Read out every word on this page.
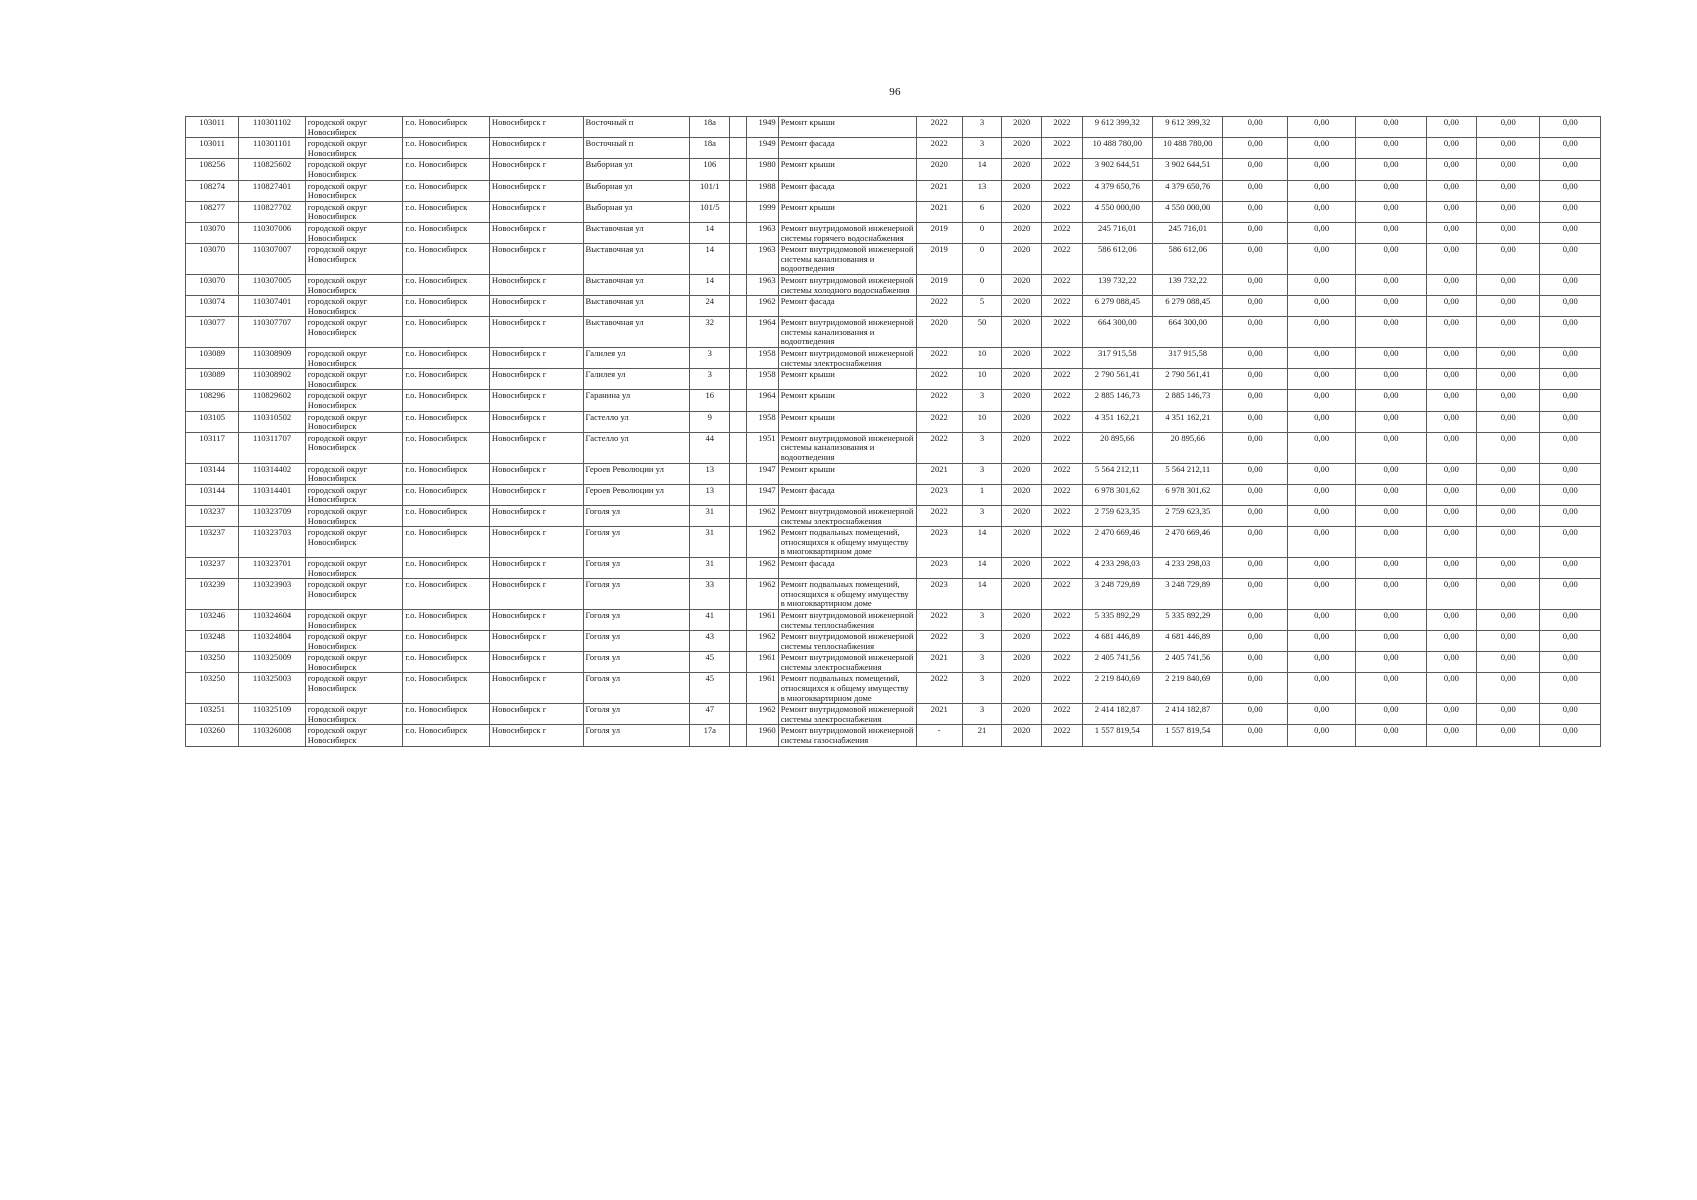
96
103011	110301102	городской округ Новосибирск	г.о. Новосибирск	Новосибирск г	Восточный п	18а		1949	Ремонт крыши	2022	3	2020	2022	9 612 399,32	9 612 399,32	0,00	0,00	0,00	0,00	0,00	0,00
103011	110301101	городской округ Новосибирск	г.о. Новосибирск	Новосибирск г	Восточный п	18а		1949	Ремонт фасада	2022	3	2020	2022	10 488 780,00	10 488 780,00	0,00	0,00	0,00	0,00	0,00	0,00
108256	110825602	городской округ Новосибирск	г.о. Новосибирск	Новосибирск г	Выборная ул	106		1980	Ремонт крыши	2020	14	2020	2022	3 902 644,51	3 902 644,51	0,00	0,00	0,00	0,00	0,00	0,00
108274	110827401	городской округ Новосибирск	г.о. Новосибирск	Новосибирск г	Выборная ул	101/1		1988	Ремонт фасада	2021	13	2020	2022	4 379 650,76	4 379 650,76	0,00	0,00	0,00	0,00	0,00	0,00
108277	110827702	городской округ Новосибирск	г.о. Новосибирск	Новосибирск г	Выборная ул	101/5		1999	Ремонт крыши	2021	6	2020	2022	4 550 000,00	4 550 000,00	0,00	0,00	0,00	0,00	0,00	0,00
103070	110307006	городской округ Новосибирск	г.о. Новосибирск	Новосибирск г	Выставочная ул	14		1963	Ремонт внутридомовой инженерной системы горячего водоснабжения	2019	0	2020	2022	245 716,01	245 716,01	0,00	0,00	0,00	0,00	0,00	0,00
103070	110307007	городской округ Новосибирск	г.о. Новосибирск	Новосибирск г	Выставочная ул	14		1963	Ремонт внутридомовой инженерной системы канализования и водоотведения	2019	0	2020	2022	586 612,06	586 612,06	0,00	0,00	0,00	0,00	0,00	0,00
103070	110307005	городской округ Новосибирск	г.о. Новосибирск	Новосибирск г	Выставочная ул	14		1963	Ремонт внутридомовой инженерной системы холодного водоснабжения	2019	0	2020	2022	139 732,22	139 732,22	0,00	0,00	0,00	0,00	0,00	0,00
103074	110307401	городской округ Новосибирск	г.о. Новосибирск	Новосибирск г	Выставочная ул	24		1962	Ремонт фасада	2022	5	2020	2022	6 279 088,45	6 279 088,45	0,00	0,00	0,00	0,00	0,00	0,00
103077	110307707	городской округ Новосибирск	г.о. Новосибирск	Новосибирск г	Выставочная ул	32		1964	Ремонт внутридомовой инженерной системы канализования и водоотведения	2020	50	2020	2022	664 300,00	664 300,00	0,00	0,00	0,00	0,00	0,00	0,00
103089	110308909	городской округ Новосибирск	г.о. Новосибирск	Новосибирск г	Галилея ул	3		1958	Ремонт внутридомовой инженерной системы электроснабжения	2022	10	2020	2022	317 915,58	317 915,58	0,00	0,00	0,00	0,00	0,00	0,00
103089	110308902	городской округ Новосибирск	г.о. Новосибирск	Новосибирск г	Галилея ул	3		1958	Ремонт крыши	2022	10	2020	2022	2 790 561,41	2 790 561,41	0,00	0,00	0,00	0,00	0,00	0,00
108296	110829602	городской округ Новосибирск	г.о. Новосибирск	Новосибирск г	Гаранина ул	16		1964	Ремонт крыши	2022	3	2020	2022	2 885 146,73	2 885 146,73	0,00	0,00	0,00	0,00	0,00	0,00
103105	110310502	городской округ Новосибирск	г.о. Новосибирск	Новосибирск г	Гастелло ул	9		1958	Ремонт крыши	2022	10	2020	2022	4 351 162,21	4 351 162,21	0,00	0,00	0,00	0,00	0,00	0,00
103117	110311707	городской округ Новосибирск	г.о. Новосибирск	Новосибирск г	Гастелло ул	44		1951	Ремонт внутридомовой инженерной системы канализования и водоотведения	2022	3	2020	2022	20 895,66	20 895,66	0,00	0,00	0,00	0,00	0,00	0,00
103144	110314402	городской округ Новосибирск	г.о. Новосибирск	Новосибирск г	Героев Революции ул	13		1947	Ремонт крыши	2021	3	2020	2022	5 564 212,11	5 564 212,11	0,00	0,00	0,00	0,00	0,00	0,00
103144	110314401	городской округ Новосибирск	г.о. Новосибирск	Новосибирск г	Героев Революции ул	13		1947	Ремонт фасада	2023	1	2020	2022	6 978 301,62	6 978 301,62	0,00	0,00	0,00	0,00	0,00	0,00
103237	110323709	городской округ Новосибирск	г.о. Новосибирск	Новосибирск г	Гоголя ул	31		1962	Ремонт внутридомовой инженерной системы электроснабжения	2022	3	2020	2022	2 759 623,35	2 759 623,35	0,00	0,00	0,00	0,00	0,00	0,00
103237	110323703	городской округ Новосибирск	г.о. Новосибирск	Новосибирск г	Гоголя ул	31		1962	Ремонт подвальных помещений, относящихся к общему имуществу в многоквартирном доме	2023	14	2020	2022	2 470 669,46	2 470 669,46	0,00	0,00	0,00	0,00	0,00	0,00
103237	110323701	городской округ Новосибирск	г.о. Новосибирск	Новосибирск г	Гоголя ул	31		1962	Ремонт фасада	2023	14	2020	2022	4 233 298,03	4 233 298,03	0,00	0,00	0,00	0,00	0,00	0,00
103239	110323903	городской округ Новосибирск	г.о. Новосибирск	Новосибирск г	Гоголя ул	33		1962	Ремонт подвальных помещений, относящихся к общему имуществу в многоквартирном доме	2023	14	2020	2022	3 248 729,89	3 248 729,89	0,00	0,00	0,00	0,00	0,00	0,00
103246	110324604	городской округ Новосибирск	г.о. Новосибирск	Новосибирск г	Гоголя ул	41		1961	Ремонт внутридомовой инженерной системы теплоснабжения	2022	3	2020	2022	5 335 892,29	5 335 892,29	0,00	0,00	0,00	0,00	0,00	0,00
103248	110324804	городской округ Новосибирск	г.о. Новосибирск	Новосибирск г	Гоголя ул	43		1962	Ремонт внутридомовой инженерной системы теплоснабжения	2022	3	2020	2022	4 681 446,89	4 681 446,89	0,00	0,00	0,00	0,00	0,00	0,00
103250	110325009	городской округ Новосибирск	г.о. Новосибирск	Новосибирск г	Гоголя ул	45		1961	Ремонт внутридомовой инженерной системы электроснабжения	2021	3	2020	2022	2 405 741,56	2 405 741,56	0,00	0,00	0,00	0,00	0,00	0,00
103250	110325003	городской округ Новосибирск	г.о. Новосибирск	Новосибирск г	Гоголя ул	45		1961	Ремонт подвальных помещений, относящихся к общему имуществу в многоквартирном доме	2022	3	2020	2022	2 219 840,69	2 219 840,69	0,00	0,00	0,00	0,00	0,00	0,00
103251	110325109	городской округ Новосибирск	г.о. Новосибирск	Новосибирск г	Гоголя ул	47		1962	Ремонт внутридомовой инженерной системы электроснабжения	2021	3	2020	2022	2 414 182,87	2 414 182,87	0,00	0,00	0,00	0,00	0,00	0,00
103260	110326008	городской округ Новосибирск	г.о. Новосибирск	Новосибирск г	Гоголя ул	17а		1960	Ремонт внутридомовой инженерной системы газоснабжения	-	21	2020	2022	1 557 819,54	1 557 819,54	0,00	0,00	0,00	0,00	0,00	0,00
